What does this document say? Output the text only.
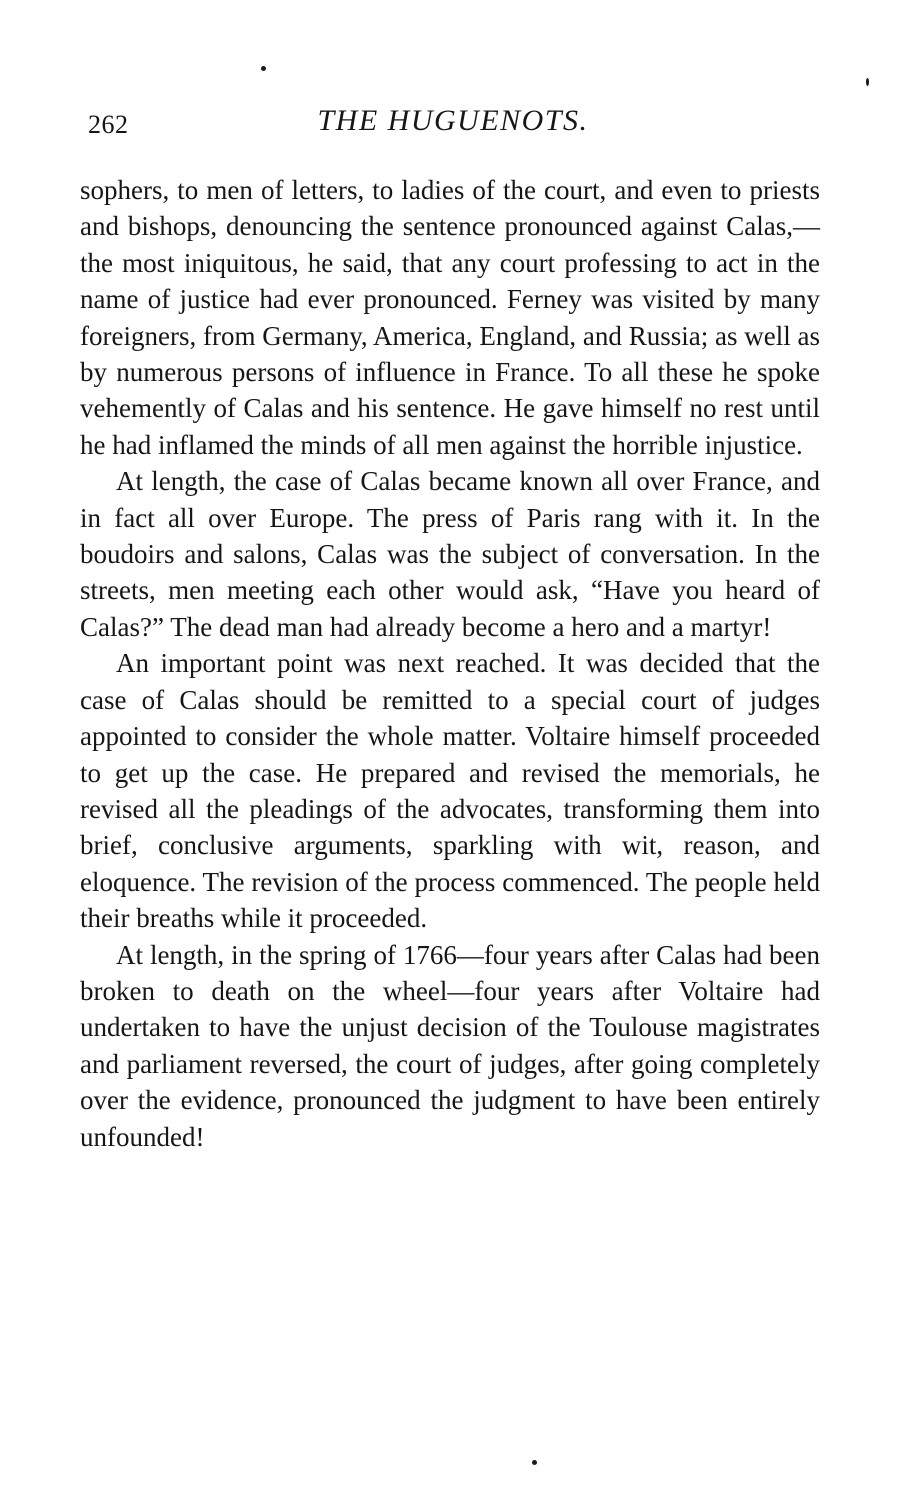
262	THE HUGUENOTS.

sophers, to men of letters, to ladies of the court, and even to priests and bishops, denouncing the sentence pronounced against Calas,—the most iniquitous, he said, that any court professing to act in the name of justice had ever pronounced. Ferney was visited by many foreigners, from Germany, America, England, and Russia; as well as by numerous persons of influence in France. To all these he spoke vehemently of Calas and his sentence. He gave himself no rest until he had inflamed the minds of all men against the horrible injustice.

At length, the case of Calas became known all over France, and in fact all over Europe. The press of Paris rang with it. In the boudoirs and salons, Calas was the subject of conversation. In the streets, men meeting each other would ask, “Have you heard of Calas?” The dead man had already become a hero and a martyr!

An important point was next reached. It was decided that the case of Calas should be remitted to a special court of judges appointed to consider the whole matter. Voltaire himself proceeded to get up the case. He prepared and revised the memorials, he revised all the pleadings of the advocates, transforming them into brief, conclusive arguments, sparkling with wit, reason, and eloquence. The revision of the process commenced. The people held their breaths while it proceeded.

At length, in the spring of 1766—four years after Calas had been broken to death on the wheel—four years after Voltaire had undertaken to have the unjust decision of the Toulouse magistrates and parliament reversed, the court of judges, after going completely over the evidence, pronounced the judgment to have been entirely unfounded!
